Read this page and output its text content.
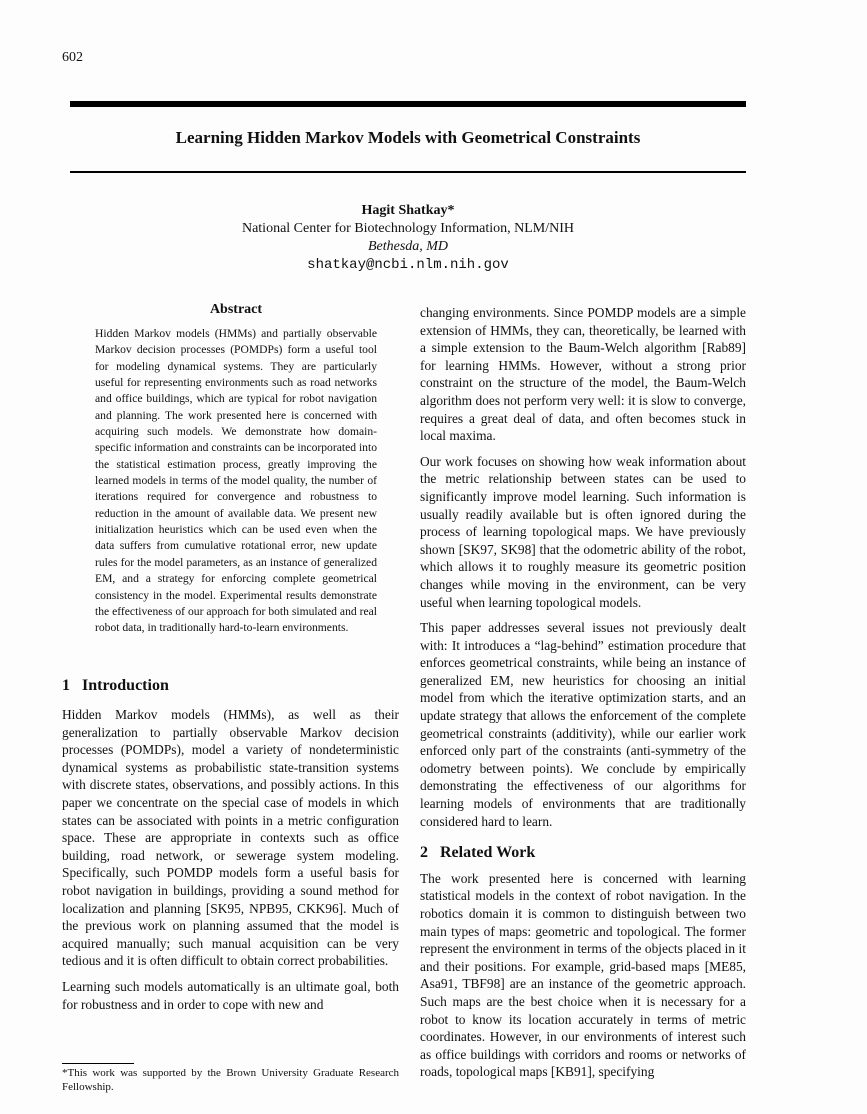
602
Learning Hidden Markov Models with Geometrical Constraints
Hagit Shatkay*
National Center for Biotechnology Information, NLM/NIH
Bethesda, MD
shatkay@ncbi.nlm.nih.gov
Abstract

Hidden Markov models (HMMs) and partially observable Markov decision processes (POMDPs) form a useful tool for modeling dynamical systems. They are particularly useful for representing environments such as road networks and office buildings, which are typical for robot navigation and planning. The work presented here is concerned with acquiring such models. We demonstrate how domain-specific information and constraints can be incorporated into the statistical estimation process, greatly improving the learned models in terms of the model quality, the number of iterations required for convergence and robustness to reduction in the amount of available data. We present new initialization heuristics which can be used even when the data suffers from cumulative rotational error, new update rules for the model parameters, as an instance of generalized EM, and a strategy for enforcing complete geometrical consistency in the model. Experimental results demonstrate the effectiveness of our approach for both simulated and real robot data, in traditionally hard-to-learn environments.

1   Introduction

Hidden Markov models (HMMs), as well as their generalization to partially observable Markov decision processes (POMDPs), model a variety of nondeterministic dynamical systems as probabilistic state-transition systems with discrete states, observations, and possibly actions. In this paper we concentrate on the special case of models in which states can be associated with points in a metric configuration space. These are appropriate in contexts such as office building, road network, or sewerage system modeling. Specifically, such POMDP models form a useful basis for robot navigation in buildings, providing a sound method for localization and planning [SK95, NPB95, CKK96]. Much of the previous work on planning assumed that the model is acquired manually; such manual acquisition can be very tedious and it is often difficult to obtain correct probabilities.

Learning such models automatically is an ultimate goal, both for robustness and in order to cope with new and

changing environments. Since POMDP models are a simple extension of HMMs, they can, theoretically, be learned with a simple extension to the Baum-Welch algorithm [Rab89] for learning HMMs. However, without a strong prior constraint on the structure of the model, the Baum-Welch algorithm does not perform very well: it is slow to converge, requires a great deal of data, and often becomes stuck in local maxima.

Our work focuses on showing how weak information about the metric relationship between states can be used to significantly improve model learning. Such information is usually readily available but is often ignored during the process of learning topological maps. We have previously shown [SK97, SK98] that the odometric ability of the robot, which allows it to roughly measure its geometric position changes while moving in the environment, can be very useful when learning topological models.

This paper addresses several issues not previously dealt with: It introduces a “lag-behind” estimation procedure that enforces geometrical constraints, while being an instance of generalized EM, new heuristics for choosing an initial model from which the iterative optimization starts, and an update strategy that allows the enforcement of the complete geometrical constraints (additivity), while our earlier work enforced only part of the constraints (anti-symmetry of the odometry between points). We conclude by empirically demonstrating the effectiveness of our algorithms for learning models of environments that are traditionally considered hard to learn.

2   Related Work

The work presented here is concerned with learning statistical models in the context of robot navigation. In the robotics domain it is common to distinguish between two main types of maps: geometric and topological. The former represent the environment in terms of the objects placed in it and their positions. For example, grid-based maps [ME85, Asa91, TBF98] are an instance of the geometric approach. Such maps are the best choice when it is necessary for a robot to know its location accurately in terms of metric coordinates. However, in our environments of interest such as office buildings with corridors and rooms or networks of roads, topological maps [KB91], specifying

*This work was supported by the Brown University Graduate Research Fellowship.
